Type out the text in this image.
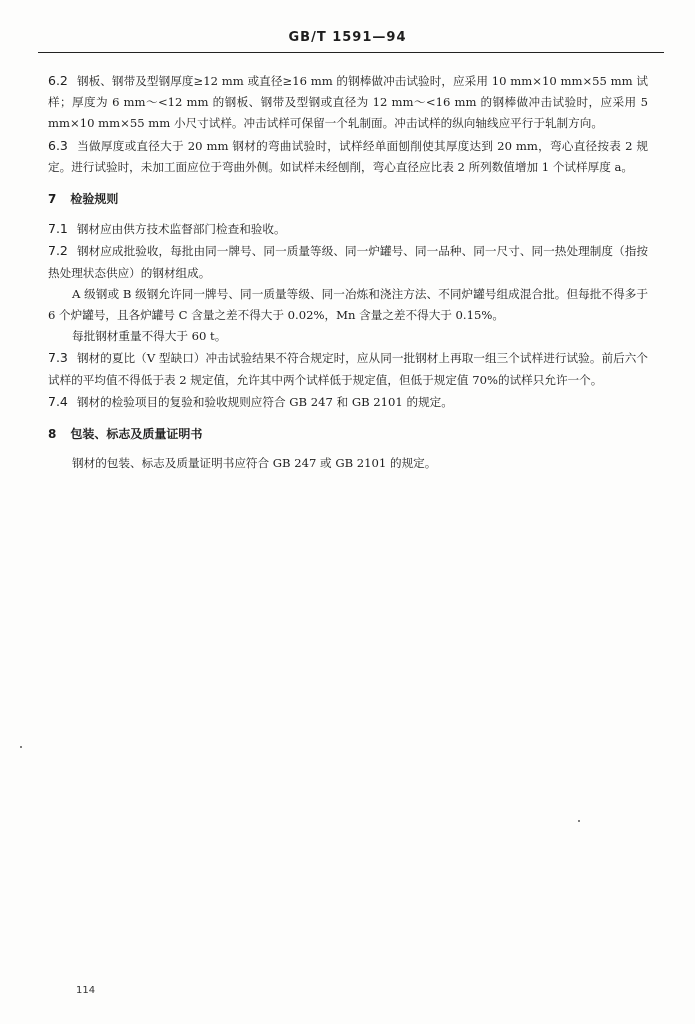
GB/T 1591—94

6.2 钢板、钢带及型钢厚度≥12 mm 或直径≥16 mm 的钢棒做冲击试验时，应采用 10 mm×10 mm×55 mm 试样；厚度为 6 mm～<12 mm 的钢板、钢带及型钢或直径为 12 mm～<16 mm 的钢棒做冲击试验时，应采用 5 mm×10 mm×55 mm 小尺寸试样。冲击试样可保留一个轧制面。冲击试样的纵向轴线应平行于轧制方向。

6.3 当做厚度或直径大于 20 mm 钢材的弯曲试验时，试样经单面刨削使其厚度达到 20 mm，弯心直径按表 2 规定。进行试验时，未加工面应位于弯曲外侧。如试样未经刨削，弯心直径应比表 2 所列数值增加 1 个试样厚度 a。

7 检验规则

7.1 钢材应由供方技术监督部门检查和验收。

7.2 钢材应成批验收，每批由同一牌号、同一质量等级、同一炉罐号、同一品种、同一尺寸、同一热处理制度（指按热处理状态供应）的钢材组成。

A 级钢或 B 级钢允许同一牌号、同一质量等级、同一冶炼和浇注方法、不同炉罐号组成混合批。但每批不得多于 6 个炉罐号，且各炉罐号 C 含量之差不得大于 0.02%，Mn 含量之差不得大于 0.15%。

每批钢材重量不得大于 60 t。

7.3 钢材的夏比（V 型缺口）冲击试验结果不符合规定时，应从同一批钢材上再取一组三个试样进行试验。前后六个试样的平均值不得低于表 2 规定值，允许其中两个试样低于规定值，但低于规定值 70%的试样只允许一个。

7.4 钢材的检验项目的复验和验收规则应符合 GB 247 和 GB 2101 的规定。

8 包装、标志及质量证明书

钢材的包装、标志及质量证明书应符合 GB 247 或 GB 2101 的规定。

114
